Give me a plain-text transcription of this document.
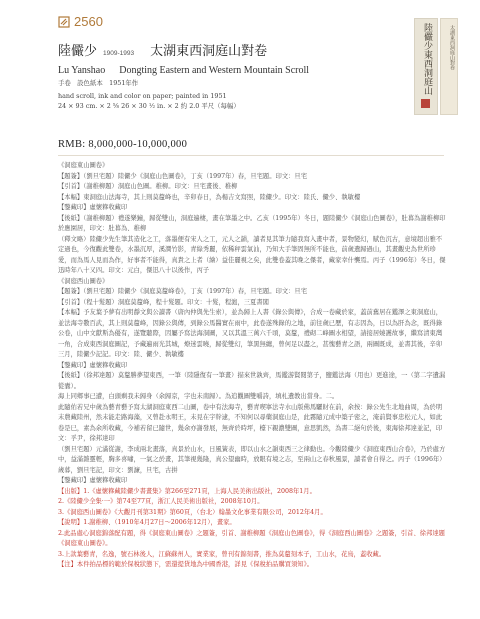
2560
陸儼少 1909-1993 太湖東西洞庭山對卷
Lu Yanshao Dongting Eastern and Western Mountain Scroll
手卷　設色紙本　1951年作
hand scroll, ink and color on paper; painted in 1951
24 × 93 cm. × 2 ⅝ 26 × 30 ½ in. × 2 約 2.0 平尺（每幅）
RMB: 8,000,000-10,000,000
陸儼少東西洞庭山	太湖東西洞庭山對卷
《洞庭東山圖卷》
【題簽】（劉旦宅題）陸儼少《洞庭山色圖卷》，丁亥（1997年）春，旦宅題。印文：旦宅
【引首】（謝稚柳題）洞庭山色圖。稚柳。印文：旦宅畫後、稚柳
【本幅】東洞庭山法海寺，其上則莫釐峰也，辛卯春日，為楊吉文寫照，陸儼少。印文：陸氏、儼少、執敏樓
【鑒藏印】虛懷簃收藏印
【後紙】（謝稚柳題）禮遂樂鐘，歸從雙山，洞庭遍棲，畫在筆墨之中。乙亥（1995年）冬日，題陸儼少《洞庭山色圖卷》，肚暮為謝稚柳印於應園居，印文：肚暮為、稚柳
（釋文略）陸儼少先生筆其造化之工，落墨便有宋人之工，元人之韻，讀者見其筆力隨我寫入畫中者，景物變幻，賦色沉古，意境超出雅不定過也，今復觀此雙卷，水墨沉厚，溪澗竹影，青綠秀麗，依稀秤雲氣汕，乃知大手筆固無所不能也，前歲遺歸過山，其畫觀史為世所珍愛，而為馬人見而為作，好事者不能得，真貴之上者（繪）益佳麗視之矣，此雙卷蓋其晚之傑者，藏家幸什襲焉。丙子（1996年）冬日，傑迅時年八十又四。印文：元白，傑迅八十以後作，丙子
《洞庭西山圖卷》
【題簽】（劉旦宅題）陸儼少《洞庭莫釐峰卷》，丁亥（1997年）春，旦宅題。印文：旦宅
【引首】（程十髮題）洞庭莫釐峰，程十髮題。印文：十髮，程滬，三夏書閣
【本幅】予友葉予夢有出明靜文與公讀書（唐內仲與先生索），並為歸上人書《錄公與傳》，合成一卷藏於家，蓋前舊居在鑑澤之東洞庭山，並法海寺數百武，其上則莫釐峰，因錄公與傳，到錄公馬醫實在雨中，此卷遂殊錄的之地，前往歲已歷，有志因為，日以為肝為念，既得錄公卷，山中文獻斯為優有，遂覽聽際，因屬予寫法海洞圖，又以其溫三萬六千頃，莫釐，禮砌二峰圖水相望，請接居嬈護故事，繼寫清東灣一角，合成東西洞庭圖記，予藏遍雨光其城，燎迷雲曉，歸從雙幻，筆黑無纏，曾何足以盡之，甚愧藝青之語，兩圖既成，並書其後，辛卯三月，陸儼少記記。印文：陸、儼少、執敏樓
【鑒藏印】虛懷簃收藏印
【後紙】（徐邦達題）莫釐勝夢望東西，一筆（陸隱復有一筆畫）描來世孰齊，馬鑑游賢閱第子，鹽鑑法海（用也）更進途，一（第二字遺漏從囊）。
海上同鄉事已遭，白頭剩我未歸身（余歸京，字也未南歸）。為追觀圖雙嚼詩，填札遺教出當身。二。
此隨佑若兄中歲為藝青藝予寫太湖洞庭東西二山圖，卷中有法海寺，藝青喫寧法寺水山版佛馬驪財在前，余按：錄公先生北地曲周，為於明末農藏陸州，然未能走路海藻，又曾赴永明王，未見在宇幹逮，不知何以尋藥洞庭山是，此霧隨元成中築子密之，淹前賢事忠松元人，如此卷是巳，素為余所收藏，今補若留已隨世，幾余亦謝發展，無齊於時坪，檯下親濃雙圖，意思凱然，為書二絕句於後，東海徐邦達並記，印文：孚尹，徐邦達印
（劉旦宅題）元滿從謝，李成兩北畫落，真景於山水，日風簧表，即以山水之韻東西三之律動也。今觀陸儼少《洞庭東西山合卷》，乃於處方中，益滿雜靈輕，胸多喜嘯，一氣之於畫，其筆視幾隆，真公望幽時，放眼有境之志，至兩山之春秋風景，讀者會自得之。丙子（1996年）歲暮，劉旦宅記，印文：劉濂，旦宅，古拼
【鑒藏印】虛懷簃收藏印
【出版】1.《虛懷簃藏陸儼少書畫集》第266至271頁，上海人民美術出版社，2008年1月。
2.《陸儼少全集·一》第74至77頁，浙江人民美術出版社，2008年10月。
3.《洞庭西山圖卷》《大觀月刊第31期》第60頁，（台北）翰墨文化事業有限公司，2012年4月。
【說明】1.謝稚柳、（1910年4月27日～2006年12月），畫家。
2.此品處心洞庭錦落配有題，得《洞庭東山圖卷》之題簽，引首、謝稚柳題《洞庭山色圖卷》，得《洞庭西山圖卷》之題簽，引首、徐邦達題《洞庭東山圖卷》。
3.上款葉藝青，名逸，號石林後人，江蘇蘇州人，實業家，曾刊有錦刻書，推為莫釐刻本子，工山水，花鳥，蓋收藏。
【注】本件拍品標的範於保稅狀態下，需還提貨地為中國香港，詳見《保稅拍品購買須知》。
